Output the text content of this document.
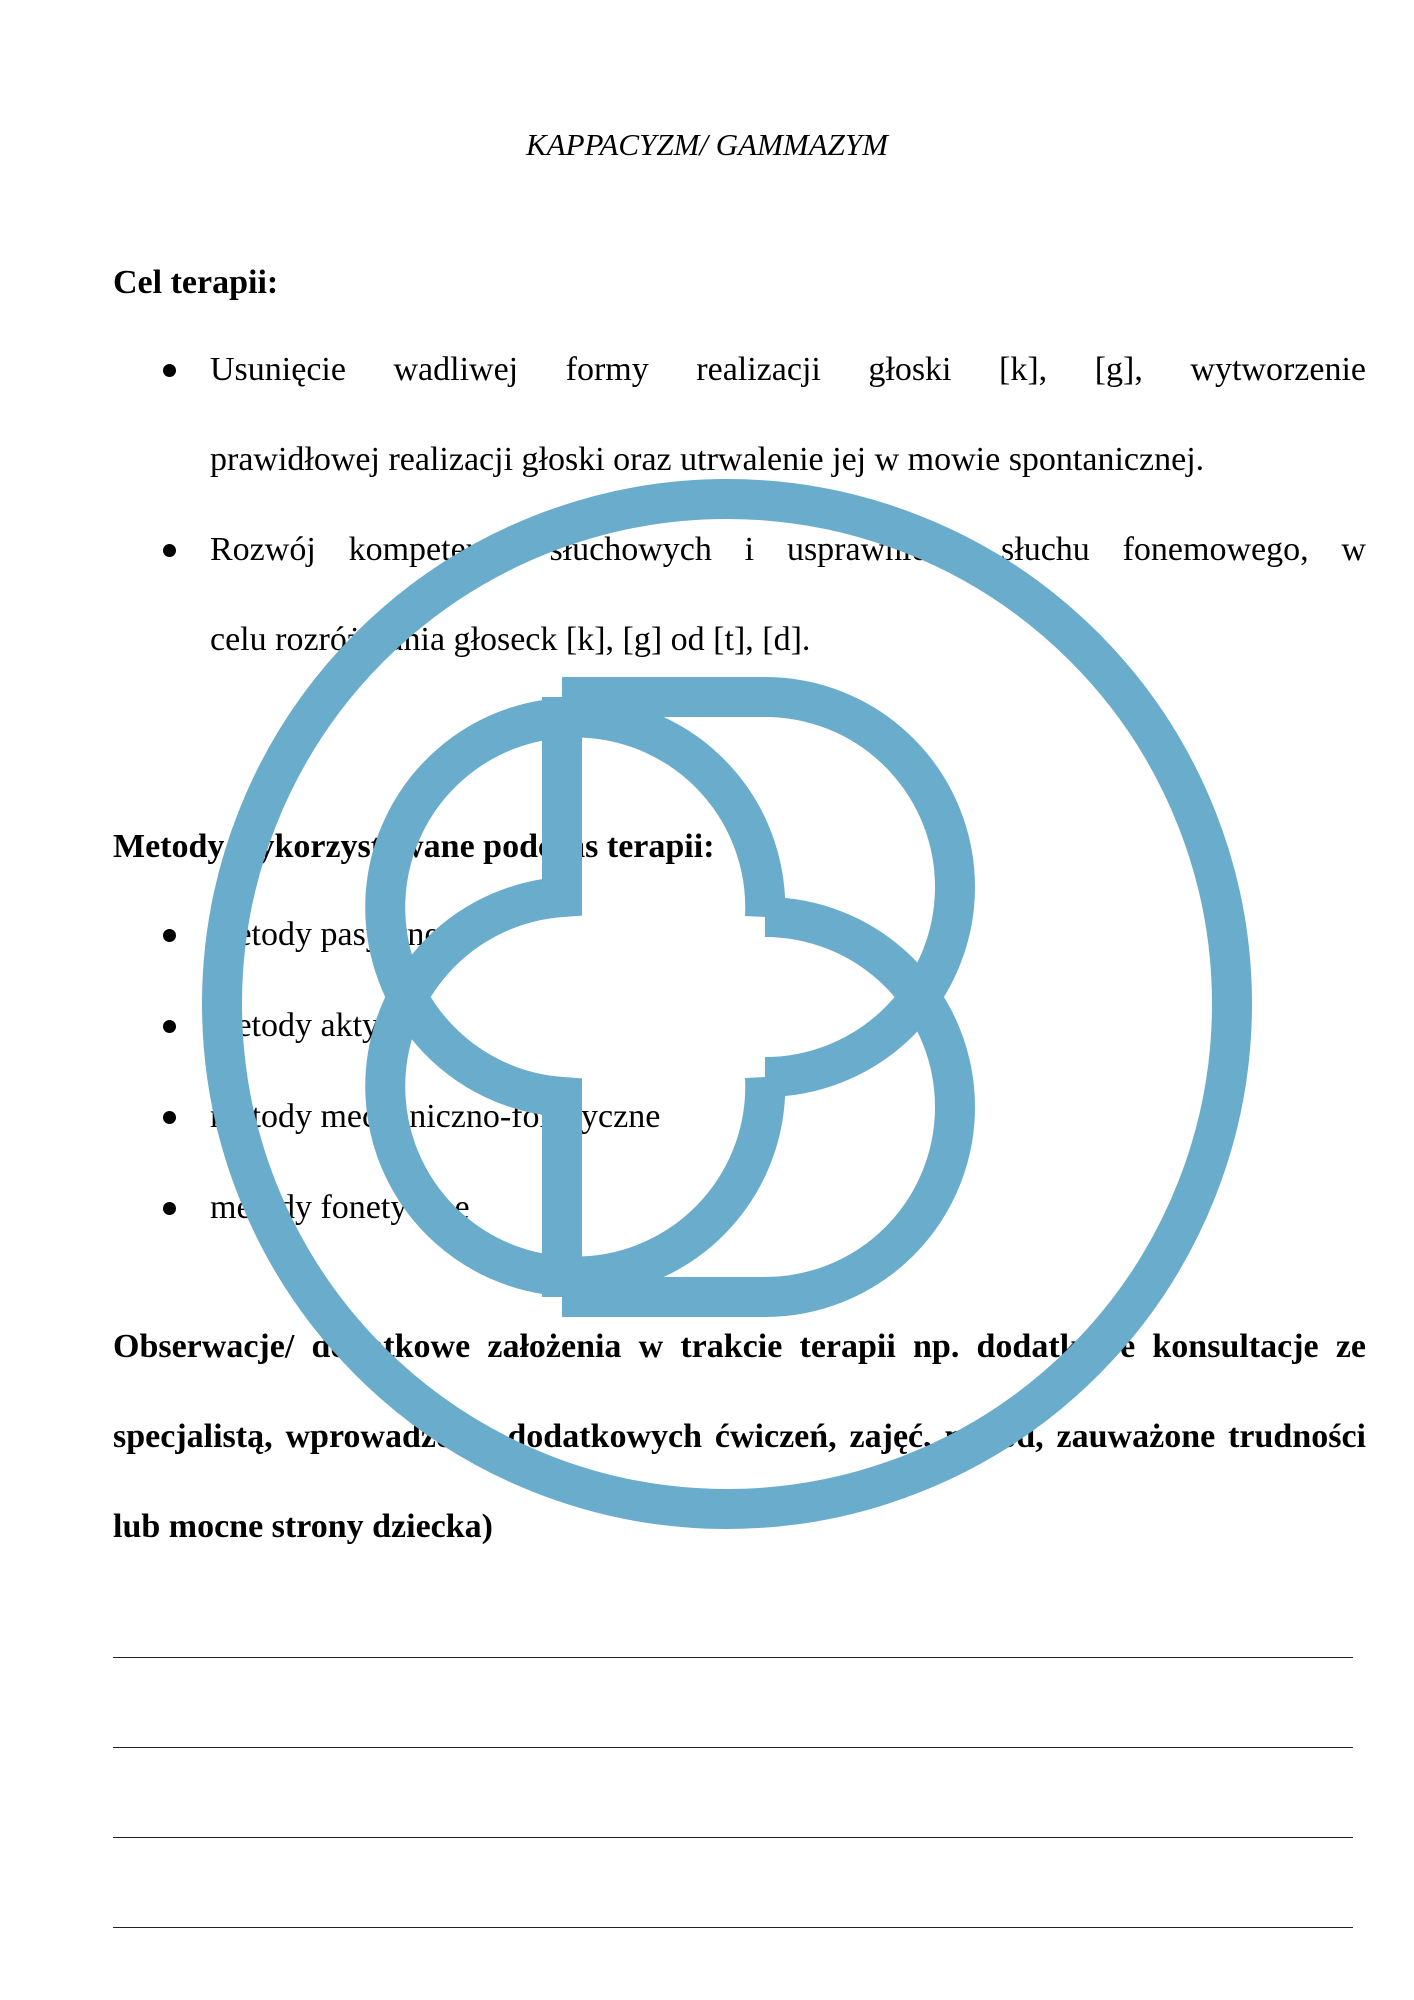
KAPPACYZM/ GAMMAZYM
Cel terapii:
Usunięcie wadliwej formy realizacji głoski [k], [g], wytworzenie
prawidłowej realizacji głoski oraz utrwalenie jej w mowie spontanicznej.
Rozwój kompetencji słuchowych i usprawnienie słuchu fonemowego, w
celu rozróżniania głoseck [k], [g] od [t], [d].
Metody wykorzystywane podczas terapii:
metody pasywne
metody aktywne
metody mechaniczno-fonetyczne
metody fonetyczne
Obserwacje/ dodatkowe założenia w trakcie terapii np. dodatkowe konsultacje ze specjalistą, wprowadzenie dodatkowych ćwiczeń, zajęć, metod, zauważone trudności lub mocne strony dziecka)
